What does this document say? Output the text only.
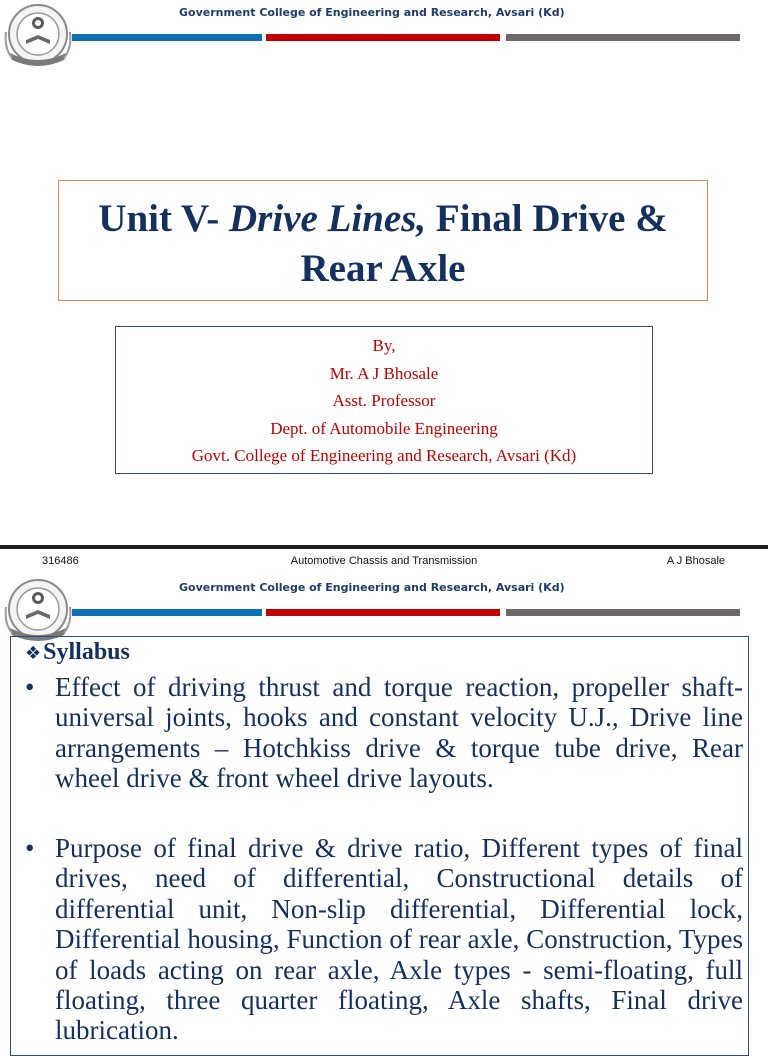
Government College of Engineering and Research, Avsari (Kd)
Unit V- Drive Lines, Final Drive &
Rear Axle
By,
Mr. A J Bhosale
Asst. Professor
Dept. of Automobile Engineering
Govt. College of Engineering and Research, Avsari (Kd)
316486	Automotive Chassis and Transmission	A J Bhosale
Government College of Engineering and Research, Avsari (Kd)
❖Syllabus
• Effect of driving thrust and torque reaction, propeller shaft-universal joints, hooks and constant velocity U.J., Drive line arrangements – Hotchkiss drive & torque tube drive, Rear wheel drive & front wheel drive layouts.
• Purpose of final drive & drive ratio, Different types of final drives, need of differential, Constructional details of differential unit, Non-slip differential, Differential lock, Differential housing, Function of rear axle, Construction, Types of loads acting on rear axle, Axle types - semi-floating, full floating, three quarter floating, Axle shafts, Final drive lubrication.
